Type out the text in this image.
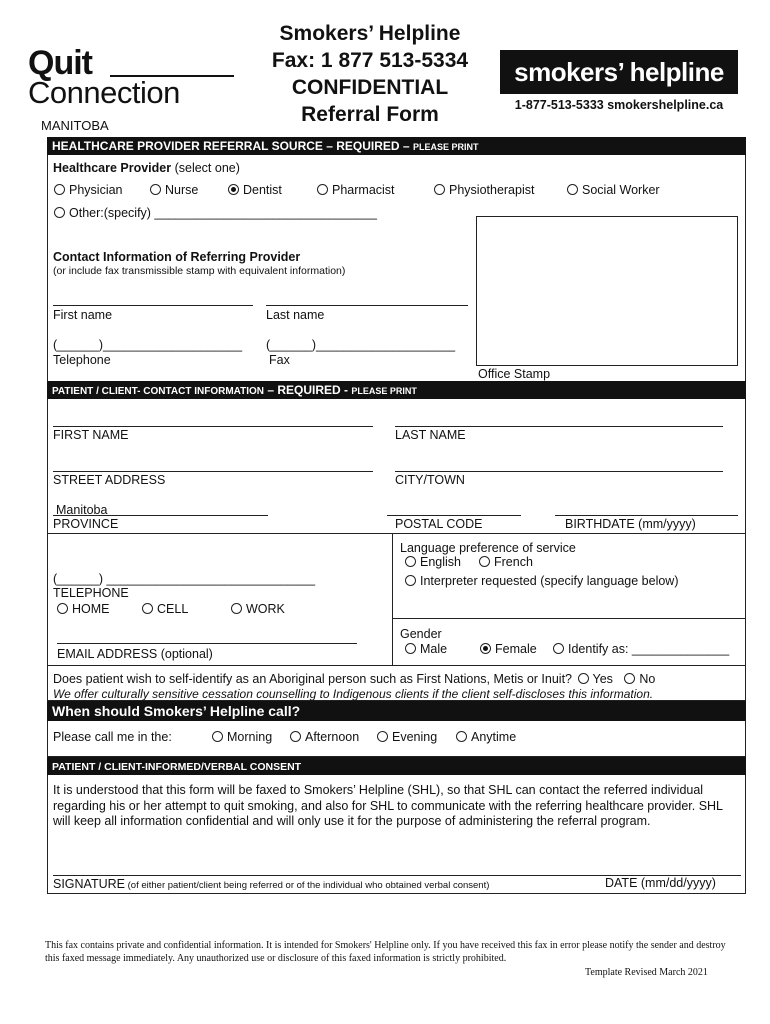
Quit
Connection
MANITOBA
Smokers’ Helpline
Fax: 1 877 513-5334
CONFIDENTIAL
Referral Form
smokers’ helpline
1-877-513-5333 smokershelpline.ca
HEALTHCARE PROVIDER REFERRAL SOURCE – REQUIRED – PLEASE PRINT
Healthcare Provider (select one)
Physician	Nurse	Dentist	Pharmacist	Physiotherapist	Social Worker
Other:(specify) ________________________________
Contact Information of Referring Provider
(or include fax transmissible stamp with equivalent information)
First name	Last name
(______)____________________ (______)____________________
Telephone	Fax
Office Stamp
PATIENT / CLIENT- CONTACT INFORMATION – REQUIRED - PLEASE PRINT
FIRST NAME	LAST NAME
STREET ADDRESS	CITY/TOWN
Manitoba
PROVINCE	POSTAL CODE	BIRTHDATE (mm/yyyy)
(______) ______________________________
TELEPHONE
HOME	CELL	WORK
EMAIL ADDRESS (optional)
Language preference of service
English	French
Interpreter requested (specify language below)
Gender
Male	Female	Identify as: ______________
Does patient wish to self-identify as an Aboriginal person such as First Nations, Metis or Inuit? Yes No
We offer culturally sensitive cessation counselling to Indigenous clients if the client self-discloses this information.
When should Smokers’ Helpline call?
Please call me in the:	Morning	Afternoon	Evening	Anytime
PATIENT / CLIENT-INFORMED/VERBAL CONSENT
It is understood that this form will be faxed to Smokers’ Helpline (SHL), so that SHL can contact the referred individual regarding his or her attempt to quit smoking, and also for SHL to communicate with the referring healthcare provider. SHL will keep all information confidential and will only use it for the purpose of administering the referral program.
SIGNATURE (of either patient/client being referred or of the individual who obtained verbal consent)	DATE (mm/dd/yyyy)
This fax contains private and confidential information. It is intended for Smokers' Helpline only. If you have received this fax in error please notify the sender and destroy this faxed message immediately. Any unauthorized use or disclosure of this faxed information is strictly prohibited.
Template Revised March 2021
